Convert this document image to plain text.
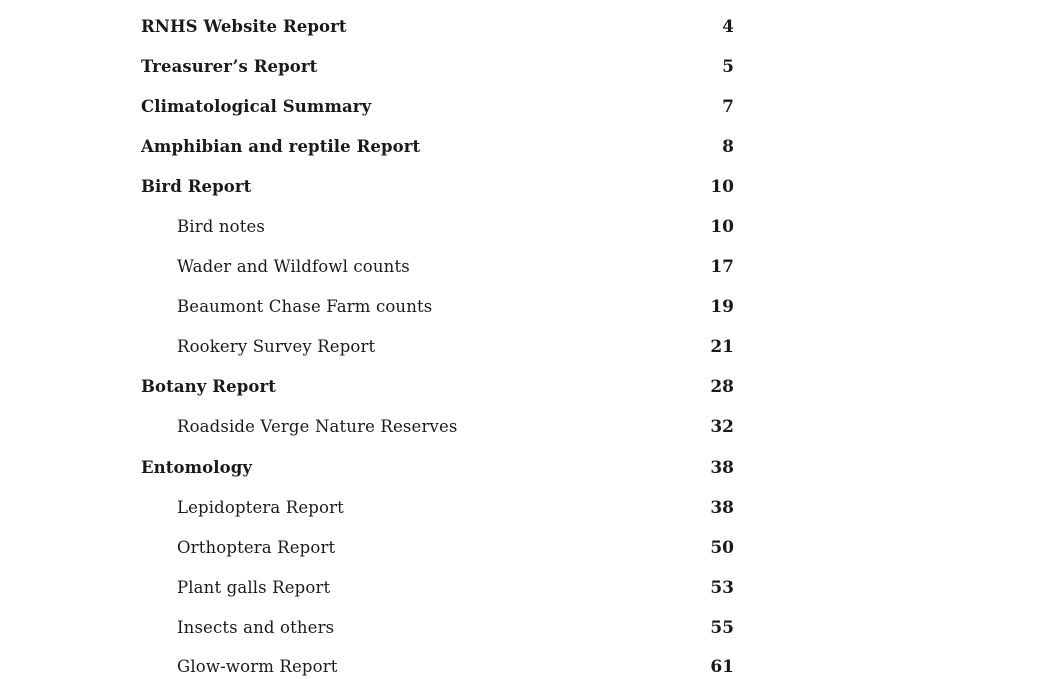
RNHS Website Report	4
Treasurer’s Report	5
Climatological Summary	7
Amphibian and reptile Report	8
Bird Report	10
Bird notes	10
Wader and Wildfowl counts	17
Beaumont Chase Farm counts	19
Rookery Survey Report	21
Botany Report	28
Roadside Verge Nature Reserves	32
Entomology	38
Lepidoptera Report	38
Orthoptera Report	50
Plant galls Report	53
Insects and others	55
Glow-worm Report	61
